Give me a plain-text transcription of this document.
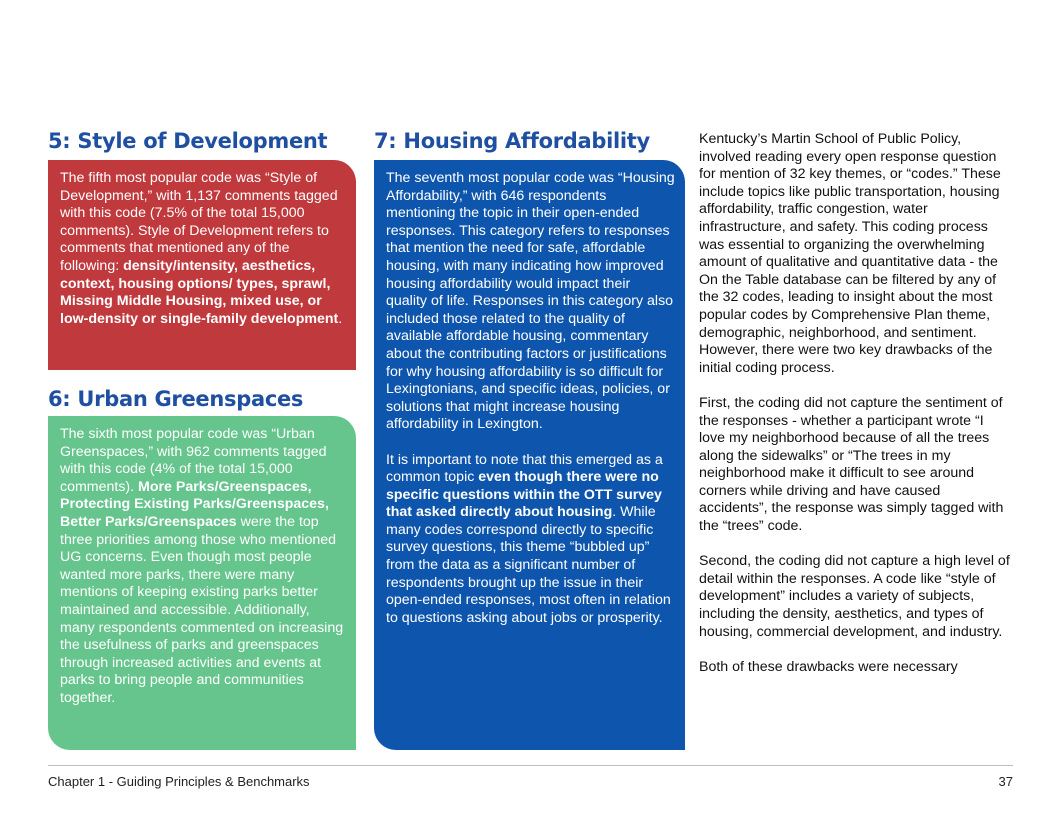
5: Style of Development

The fifth most popular code was “Style of Development,” with 1,137 comments tagged with this code (7.5% of the total 15,000 comments). Style of Development refers to comments that mentioned any of the following: density/intensity, aesthetics, context, housing options/ types, sprawl, Missing Middle Housing, mixed use, or low-density or single-family development.

6: Urban Greenspaces

The sixth most popular code was “Urban Greenspaces,” with 962 comments tagged with this code (4% of the total 15,000 comments). More Parks/Greenspaces, Protecting Existing Parks/Greenspaces, Better Parks/Greenspaces were the top three priorities among those who mentioned UG concerns. Even though most people wanted more parks, there were many mentions of keeping existing parks better maintained and accessible. Additionally, many respondents commented on increasing the usefulness of parks and greenspaces through increased activities and events at parks to bring people and communities together.

7: Housing Affordability

The seventh most popular code was “Housing Affordability,” with 646 respondents mentioning the topic in their open-ended responses. This category refers to responses that mention the need for safe, affordable housing, with many indicating how improved housing affordability would impact their quality of life. Responses in this category also included those related to the quality of available affordable housing, commentary about the contributing factors or justifications for why housing affordability is so difficult for Lexingtonians, and specific ideas, policies, or solutions that might increase housing affordability in Lexington.

It is important to note that this emerged as a common topic even though there were no specific questions within the OTT survey that asked directly about housing. While many codes correspond directly to specific survey questions, this theme “bubbled up” from the data as a significant number of respondents brought up the issue in their open-ended responses, most often in relation to questions asking about jobs or prosperity.

Kentucky’s Martin School of Public Policy, involved reading every open response question for mention of 32 key themes, or “codes.” These include topics like public transportation, housing affordability, traffic congestion, water infrastructure, and safety. This coding process was essential to organizing the overwhelming amount of qualitative and quantitative data - the On the Table database can be filtered by any of the 32 codes, leading to insight about the most popular codes by Comprehensive Plan theme, demographic, neighborhood, and sentiment. However, there were two key drawbacks of the initial coding process.

First, the coding did not capture the sentiment of the responses - whether a participant wrote “I love my neighborhood because of all the trees along the sidewalks” or “The trees in my neighborhood make it difficult to see around corners while driving and have caused accidents”, the response was simply tagged with the “trees” code.

Second, the coding did not capture a high level of detail within the responses. A code like “style of development” includes a variety of subjects, including the density, aesthetics, and types of housing, commercial development, and industry.

Both of these drawbacks were necessary

Chapter 1 - Guiding Principles & Benchmarks	37
